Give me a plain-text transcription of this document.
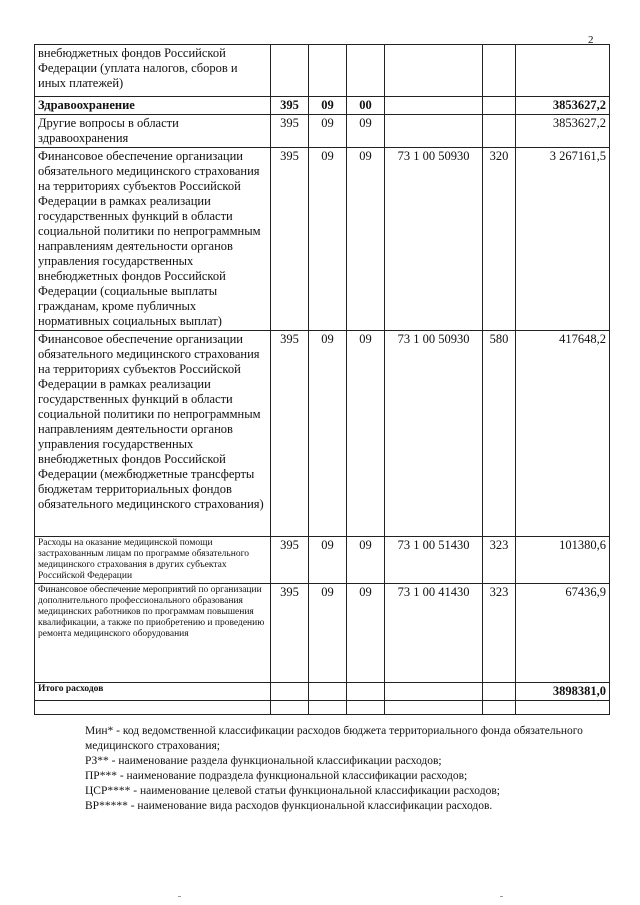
2
внебюджетных фондов Российской Федерации (уплата налогов, сборов и иных платежей)						
Здравоохранение	395	09	00			3853627,2
Другие вопросы в области здравоохранения	395	09	09			3853627,2
Финансовое обеспечение организации обязательного медицинского страхования на территориях субъектов Российской Федерации в рамках реализации государственных функций в области социальной политики по непрограммным направлениям деятельности органов управления государственных внебюджетных фондов Российской Федерации (социальные выплаты гражданам, кроме публичных нормативных социальных выплат)	395	09	09	73 1 00 50930	320	3 267161,5
Финансовое обеспечение организации обязательного медицинского страхования на территориях субъектов Российской Федерации в рамках реализации государственных функций в области социальной политики по непрограммным направлениям деятельности органов управления государственных внебюджетных фондов Российской Федерации (межбюджетные трансферты бюджетам территориальных фондов обязательного медицинского страхования)	395	09	09	73 1 00 50930	580	417648,2
Расходы на оказание медицинской помощи застрахованным лицам по программе обязательного медицинского страхования в других субъектах Российской Федерации	395	09	09	73 1 00 51430	323	101380,6
Финансовое обеспечение мероприятий по организации дополнительного профессионального образования медицинских работников по программам повышения квалификации, а также по приобретению и проведению ремонта медицинского оборудования	395	09	09	73 1 00 41430	323	67436,9
Итого расходов						3898381,0

Мин* - код ведомственной классификации расходов бюджета территориального фонда обязательного медицинского страхования;
РЗ** - наименование раздела функциональной классификации расходов;
ПР*** - наименование подраздела функциональной классификации расходов;
ЦСР**** - наименование целевой статьи функциональной классификации расходов;
ВР***** - наименование вида расходов функциональной классификации расходов.
